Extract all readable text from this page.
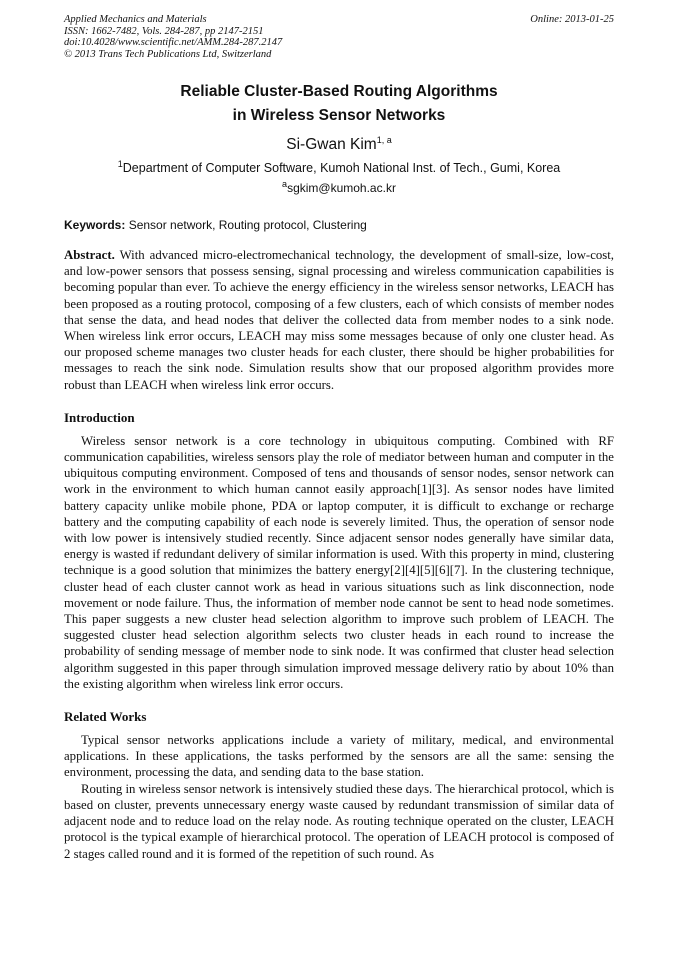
Applied Mechanics and Materials
ISSN: 1662-7482, Vols. 284-287, pp 2147-2151
doi:10.4028/www.scientific.net/AMM.284-287.2147
© 2013 Trans Tech Publications Ltd, Switzerland
Online: 2013-01-25
Reliable Cluster-Based Routing Algorithms
in Wireless Sensor Networks
Si-Gwan Kim$^{1, a}$
$^1$Department of Computer Software, Kumoh National Inst. of Tech., Gumi, Korea
$^a$sgkim@kumoh.ac.kr
Keywords: Sensor network, Routing protocol, Clustering

Abstract. With advanced micro-electromechanical technology, the development of small-size, low-cost, and low-power sensors that possess sensing, signal processing and wireless communication capabilities is becoming popular than ever. To achieve the energy efficiency in the wireless sensor networks, LEACH has been proposed as a routing protocol, composing of a few clusters, each of which consists of member nodes that sense the data, and head nodes that deliver the collected data from member nodes to a sink node. When wireless link error occurs, LEACH may miss some messages because of only one cluster head. As our proposed scheme manages two cluster heads for each cluster, there should be higher probabilities for messages to reach the sink node. Simulation results show that our proposed algorithm provides more robust than LEACH when wireless link error occurs.

Introduction

Wireless sensor network is a core technology in ubiquitous computing. Combined with RF communication capabilities, wireless sensors play the role of mediator between human and computer in the ubiquitous computing environment. Composed of tens and thousands of sensor nodes, sensor network can work in the environment to which human cannot easily approach[1][3]. As sensor nodes have limited battery capacity unlike mobile phone, PDA or laptop computer, it is difficult to exchange or recharge battery and the computing capability of each node is severely limited. Thus, the operation of sensor node with low power is intensively studied recently. Since adjacent sensor nodes generally have similar data, energy is wasted if redundant delivery of similar information is used. With this property in mind, clustering technique is a good solution that minimizes the battery energy[2][4][5][6][7]. In the clustering technique, cluster head of each cluster cannot work as head in various situations such as link disconnection, node movement or node failure. Thus, the information of member node cannot be sent to head node sometimes. This paper suggests a new cluster head selection algorithm to improve such problem of LEACH. The suggested cluster head selection algorithm selects two cluster heads in each round to increase the probability of sending message of member node to sink node. It was confirmed that cluster head selection algorithm suggested in this paper through simulation improved message delivery ratio by about 10% than the existing algorithm when wireless link error occurs.

Related Works

Typical sensor networks applications include a variety of military, medical, and environmental applications. In these applications, the tasks performed by the sensors are all the same: sensing the environment, processing the data, and sending data to the base station.

Routing in wireless sensor network is intensively studied these days. The hierarchical protocol, which is based on cluster, prevents unnecessary energy waste caused by redundant transmission of similar data of adjacent node and to reduce load on the relay node. As routing technique operated on the cluster, LEACH protocol is the typical example of hierarchical protocol. The operation of LEACH protocol is composed of 2 stages called round and it is formed of the repetition of such round. As
